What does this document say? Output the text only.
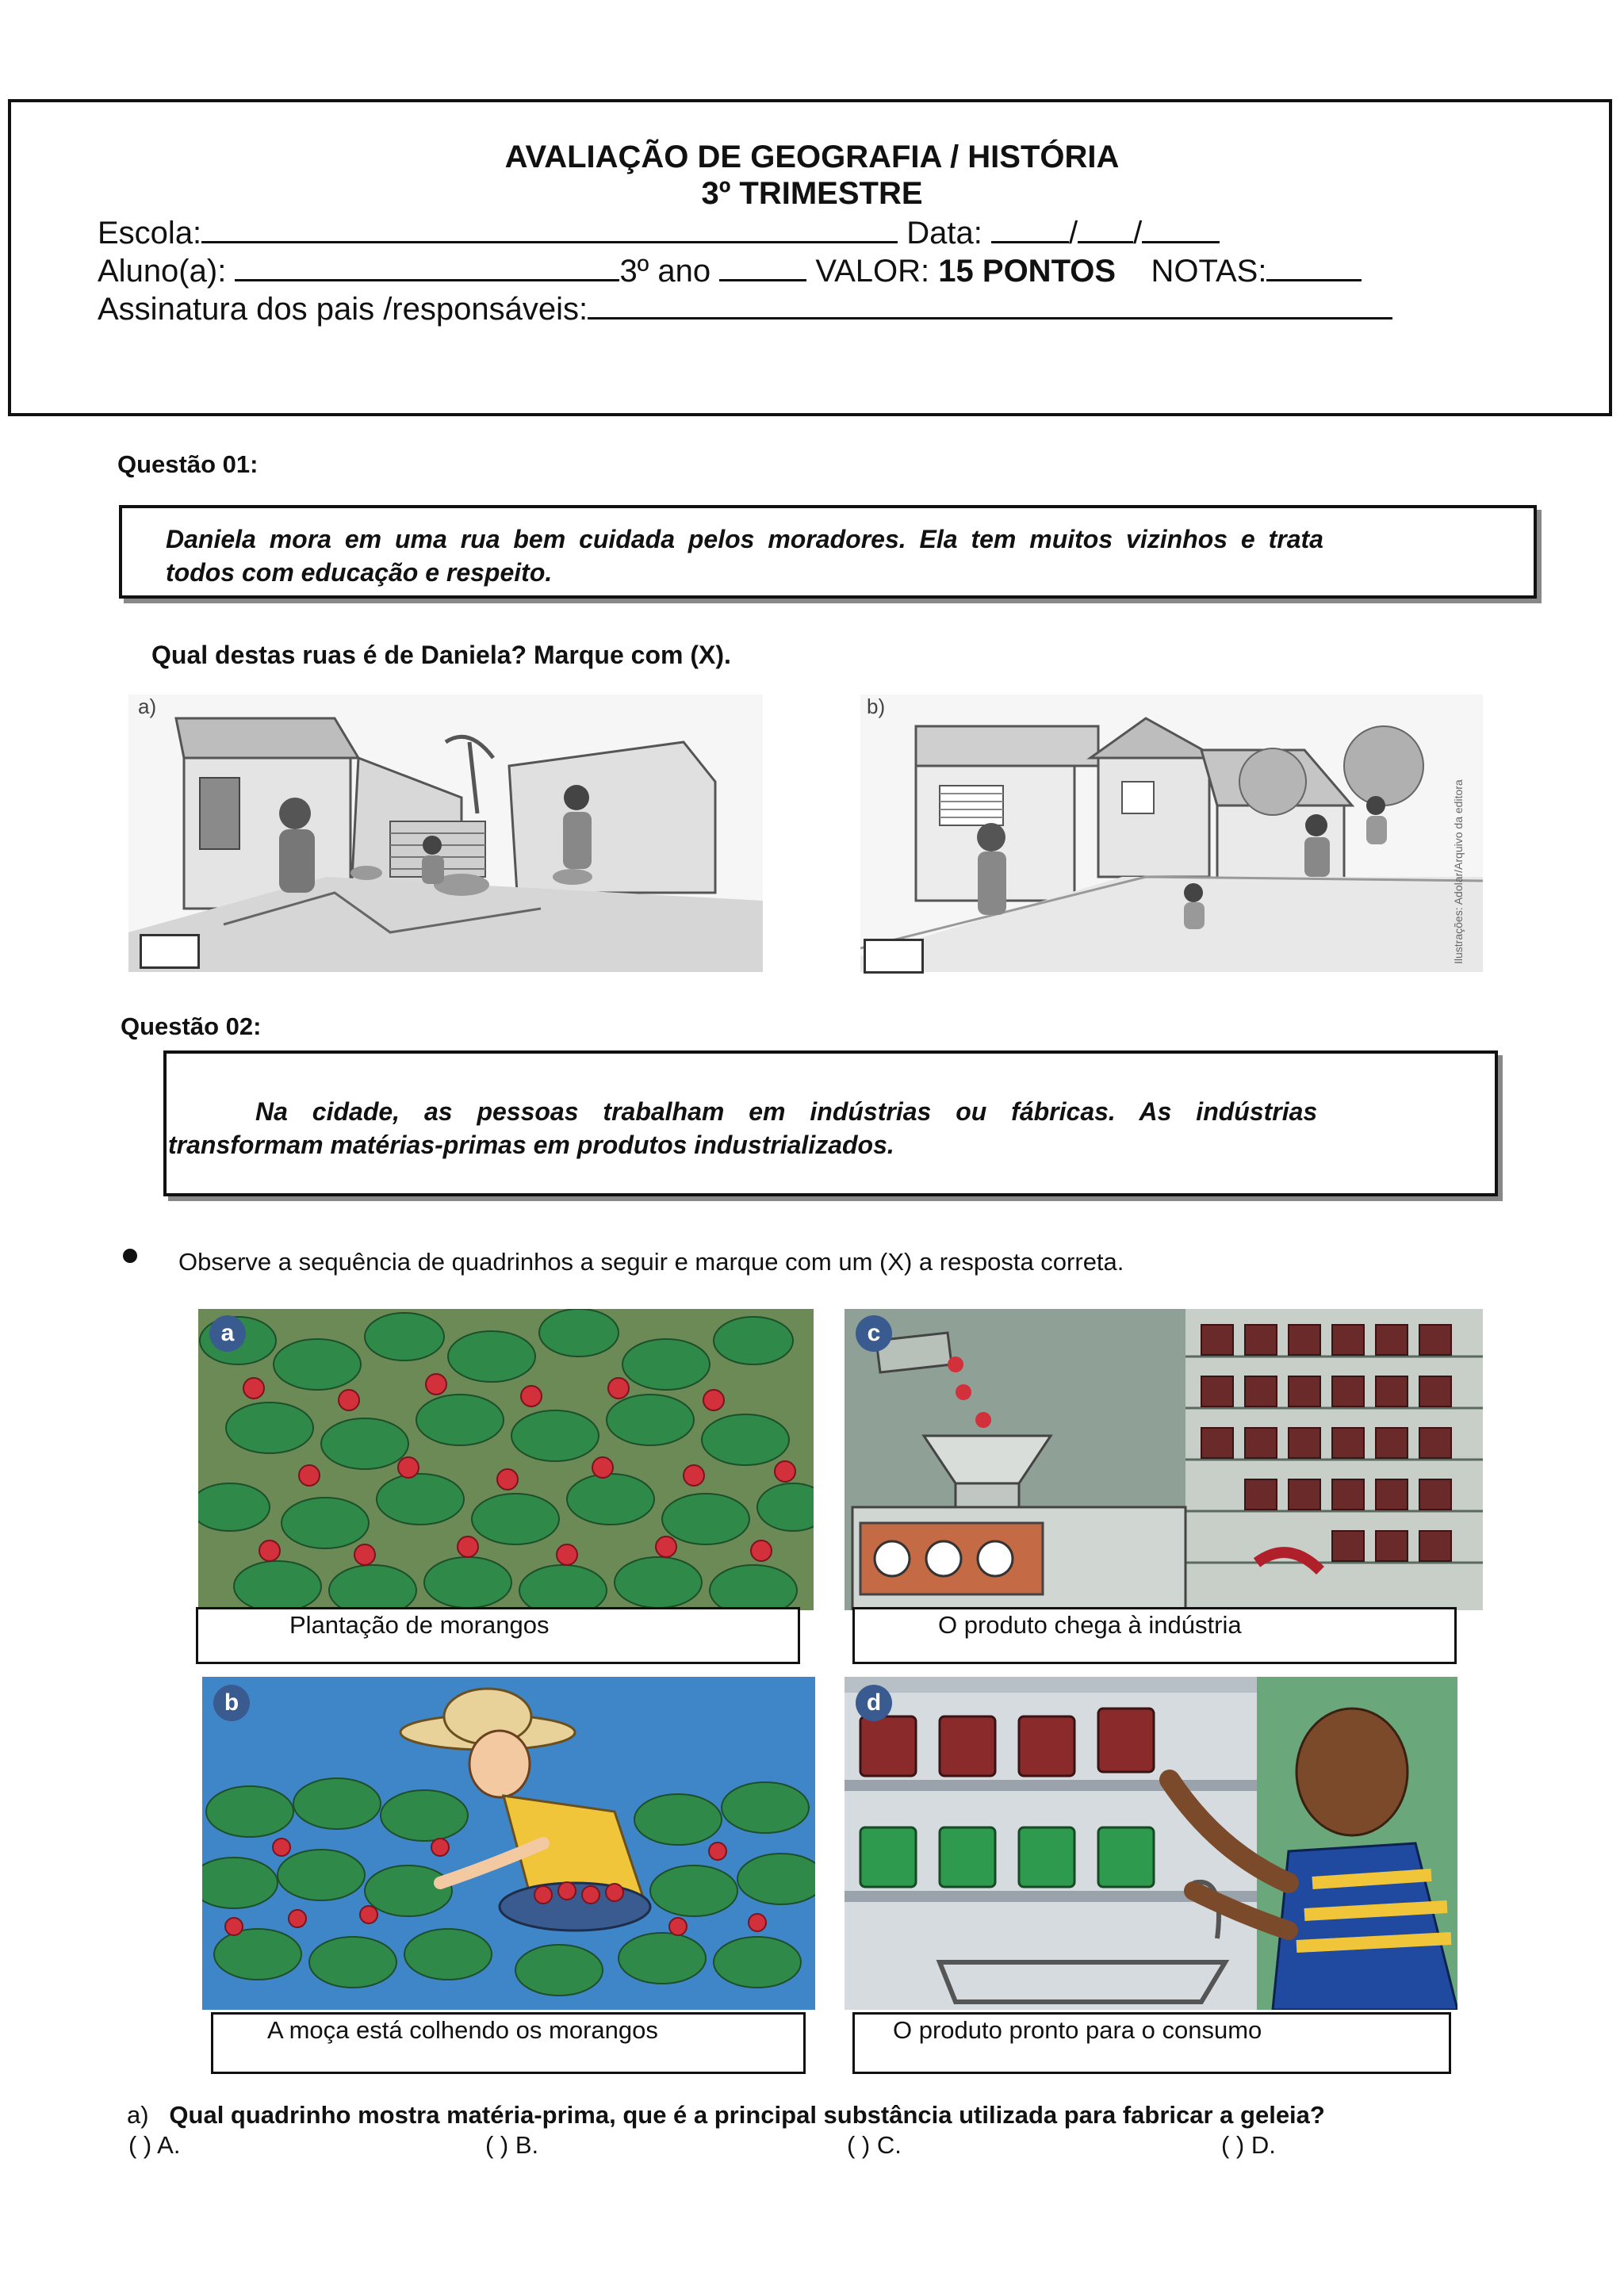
AVALIAÇÃO DE GEOGRAFIA / HISTÓRIA
3º TRIMESTRE
Escola:	Data:	/ /
Aluno(a):	3º ano	VALOR: 15 PONTOS NOTAS:
Assinatura dos pais /responsáveis:
Questão 01:
Daniela mora em uma rua bem cuidada pelos moradores. Ela tem muitos vizinhos e trata
todos com educação e respeito.
Qual destas ruas é de Daniela? Marque com (X).
a)	b)
Ilustrações: Adolar/Arquivo da editora
Questão 02:
Na cidade, as pessoas trabalham em indústrias ou fábricas. As indústrias
transformam matérias-primas em produtos industrializados.
Observe a sequência de quadrinhos a seguir e marque com um (X) a resposta correta.
a
Plantação de morangos
c
O produto chega à indústria
b
A moça está colhendo os morangos
d
O produto pronto para o consumo
a) Qual quadrinho mostra matéria-prima, que é a principal substância utilizada para fabricar a geleia?
( ) A.	( ) B.	( ) C.	( ) D.
